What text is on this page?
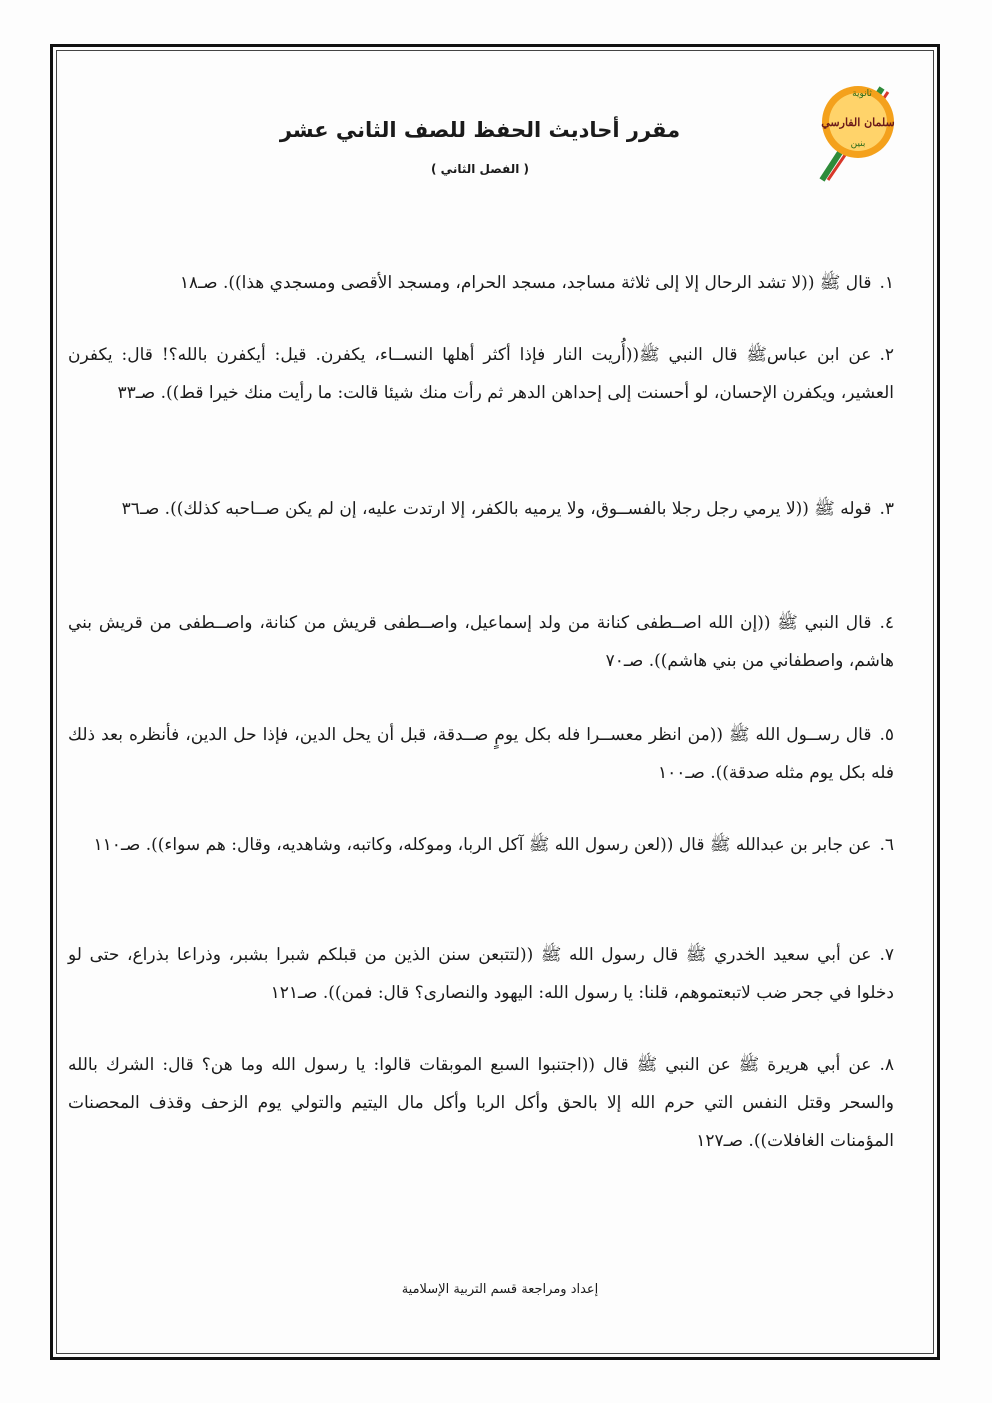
ثانوية
سلمان الفارسي
بنين
مقرر أحاديث الحفظ للصف الثاني عشر
( الفصل الثاني )
١.قال ﷺ ((لا تشد الرحال إلا إلى ثلاثة مساجد، مسجد الحرام، ومسجد الأقصى ومسجدي هذا)). صـ١٨
٢.عن ابن عباسﷺ قال النبي ﷺ((أُريت النار فإذا أكثر أهلها النســاء، يكفرن. قيل: أيكفرن بالله؟! قال: يكفرن العشير، ويكفرن الإحسان، لو أحسنت إلى إحداهن الدهر ثم رأت منك شيئا قالت: ما رأيت منك خيرا قط)). صـ٣٣
٣.قوله ﷺ ((لا يرمي رجل رجلا بالفســوق، ولا يرميه بالكفر، إلا ارتدت عليه، إن لم يكن صــاحبه كذلك)). صـ٣٦
٤.قال النبي ﷺ ((إن الله اصــطفى كنانة من ولد إسماعيل، واصــطفى قريش من كنانة، واصــطفى من قريش بني هاشم، واصطفاني من بني هاشم)). صـ٧٠
٥.قال رســول الله ﷺ ((من انظر معســرا فله بكل يومٍ صــدقة، قبل أن يحل الدين، فإذا حل الدين، فأنظره بعد ذلك فله بكل يوم مثله صدقة)). صـ١٠٠
٦.عن جابر بن عبدالله ﷺ قال ((لعن رسول الله ﷺ آكل الربا، وموكله، وكاتبه، وشاهديه، وقال: هم سواء)). صـ١١٠
٧.عن أبي سعيد الخدري ﷺ قال رسول الله ﷺ ((لتتبعن سنن الذين من قبلكم شبرا بشبر، وذراعا بذراع، حتى لو دخلوا في جحر ضب لاتبعتموهم، قلنا: يا رسول الله: اليهود والنصارى؟ قال: فمن)). صـ١٢١
٨.عن أبي هريرة ﷺ عن النبي ﷺ قال ((اجتنبوا السبع الموبقات قالوا: يا رسول الله وما هن؟ قال: الشرك بالله والسحر وقتل النفس التي حرم الله إلا بالحق وأكل الربا وأكل مال اليتيم والتولي يوم الزحف وقذف المحصنات المؤمنات الغافلات)). صـ١٢٧
إعداد ومراجعة قسم التربية الإسلامية
